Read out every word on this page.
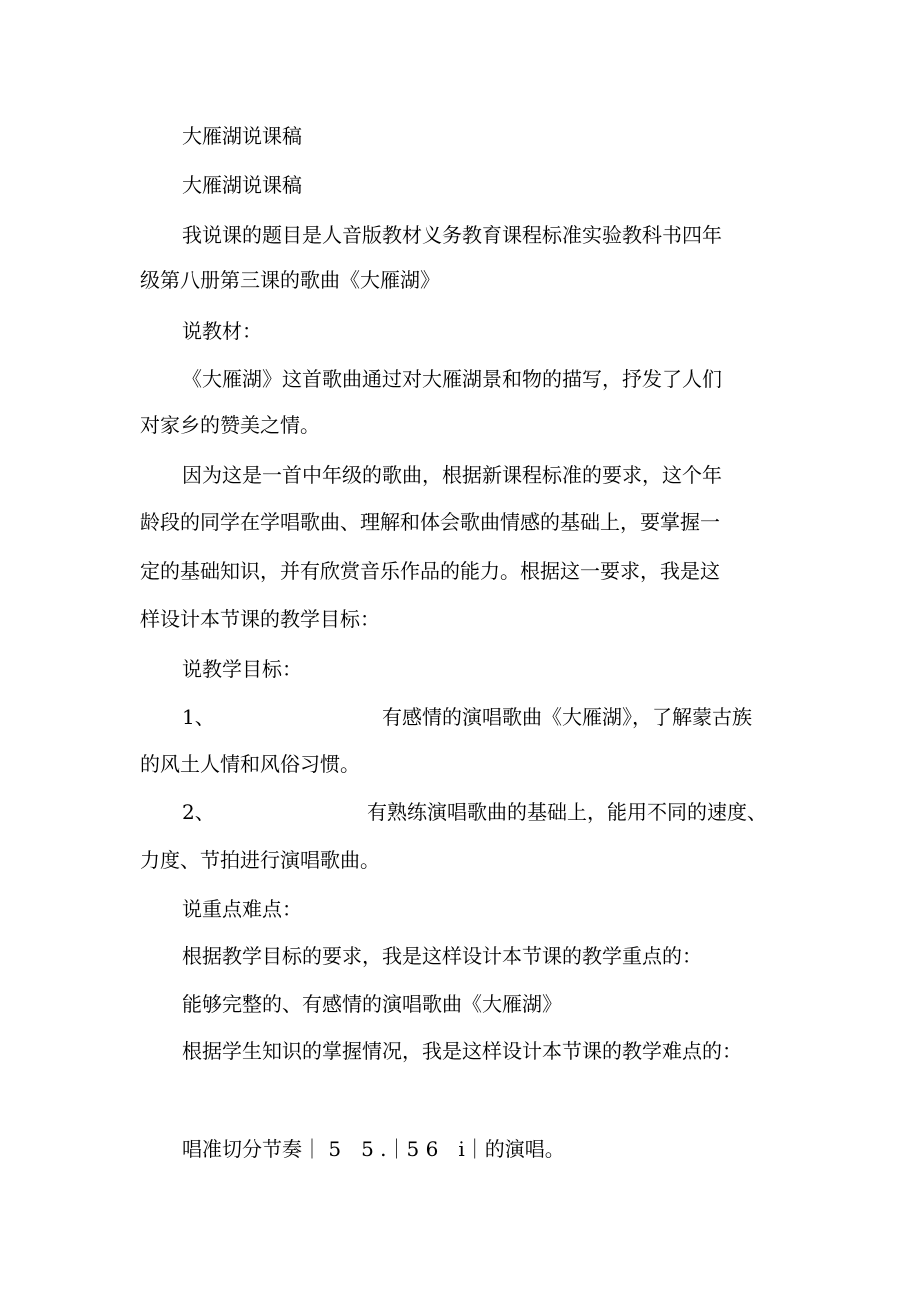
大雁湖说课稿
大雁湖说课稿
我说课的题目是人音版教材义务教育课程标准实验教科书四年
级第八册第三课的歌曲《大雁湖》
说教材：
《大雁湖》这首歌曲通过对大雁湖景和物的描写，抒发了人们
对家乡的赞美之情。
因为这是一首中年级的歌曲，根据新课程标准的要求，这个年
龄段的同学在学唱歌曲、理解和体会歌曲情感的基础上，要掌握一
定的基础知识，并有欣赏音乐作品的能力。根据这一要求，我是这
样设计本节课的教学目标：
说教学目标：
1、	有感情的演唱歌曲《大雁湖》，了解蒙古族
的风土人情和风俗习惯。
2、	有熟练演唱歌曲的基础上，能用不同的速度、
力度、节拍进行演唱歌曲。
说重点难点：
根据教学目标的要求，我是这样设计本节课的教学重点的：
能够完整的、有感情的演唱歌曲《大雁湖》
根据学生知识的掌握情况，我是这样设计本节课的教学难点的：
唱准切分节奏｜ 5　5 .｜5 6　i｜的演唱。
